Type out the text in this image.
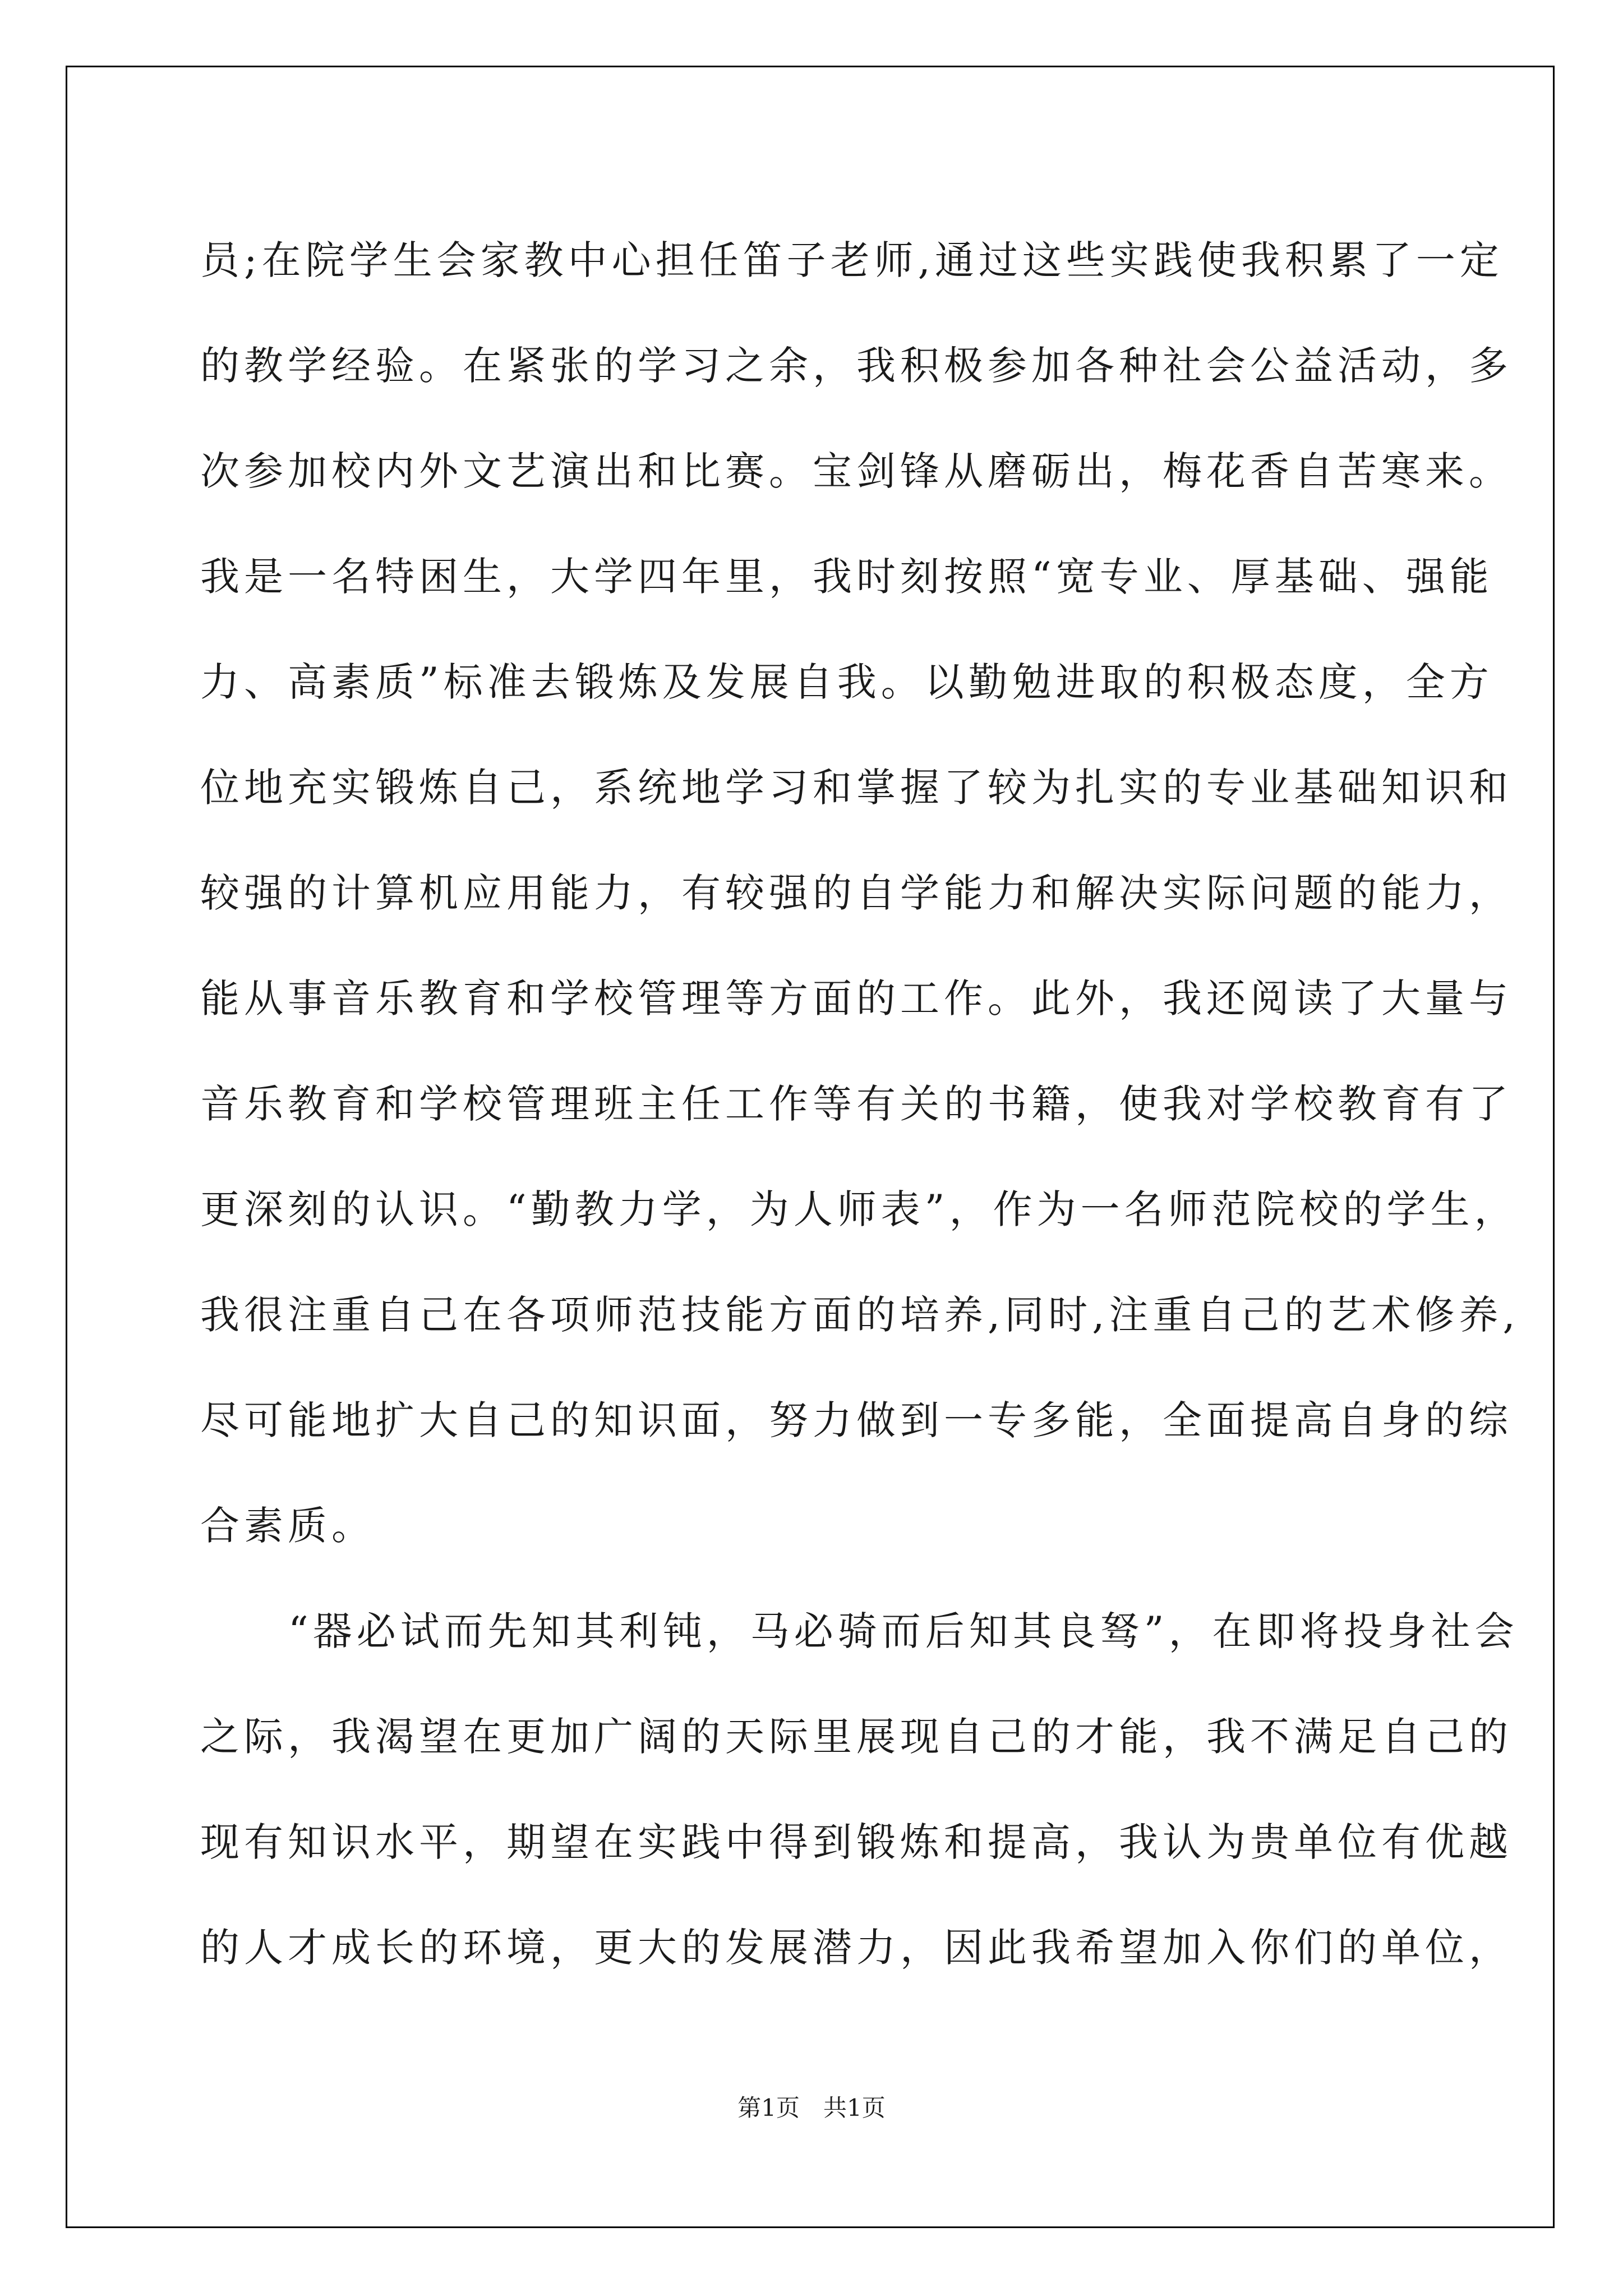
员;在院学生会家教中心担任笛子老师,通过这些实践使我积累了一定
的教学经验。在紧张的学习之余，我积极参加各种社会公益活动，多
次参加校内外文艺演出和比赛。宝剑锋从磨砺出，梅花香自苦寒来。
我是一名特困生，大学四年里，我时刻按照“宽专业、厚基础、强能
力、高素质”标准去锻炼及发展自我。以勤勉进取的积极态度，全方
位地充实锻炼自己，系统地学习和掌握了较为扎实的专业基础知识和
较强的计算机应用能力，有较强的自学能力和解决实际问题的能力，
能从事音乐教育和学校管理等方面的工作。此外，我还阅读了大量与
音乐教育和学校管理班主任工作等有关的书籍，使我对学校教育有了
更深刻的认识。“勤教力学，为人师表”，作为一名师范院校的学生，
我很注重自己在各项师范技能方面的培养,同时,注重自己的艺术修养,
尽可能地扩大自己的知识面，努力做到一专多能，全面提高自身的综
合素质。
“器必试而先知其利钝，马必骑而后知其良驽”，在即将投身社会
之际，我渴望在更加广阔的天际里展现自己的才能，我不满足自己的
现有知识水平，期望在实践中得到锻炼和提高，我认为贵单位有优越
的人才成长的环境，更大的发展潜力，因此我希望加入你们的单位，
第1页　共1页
